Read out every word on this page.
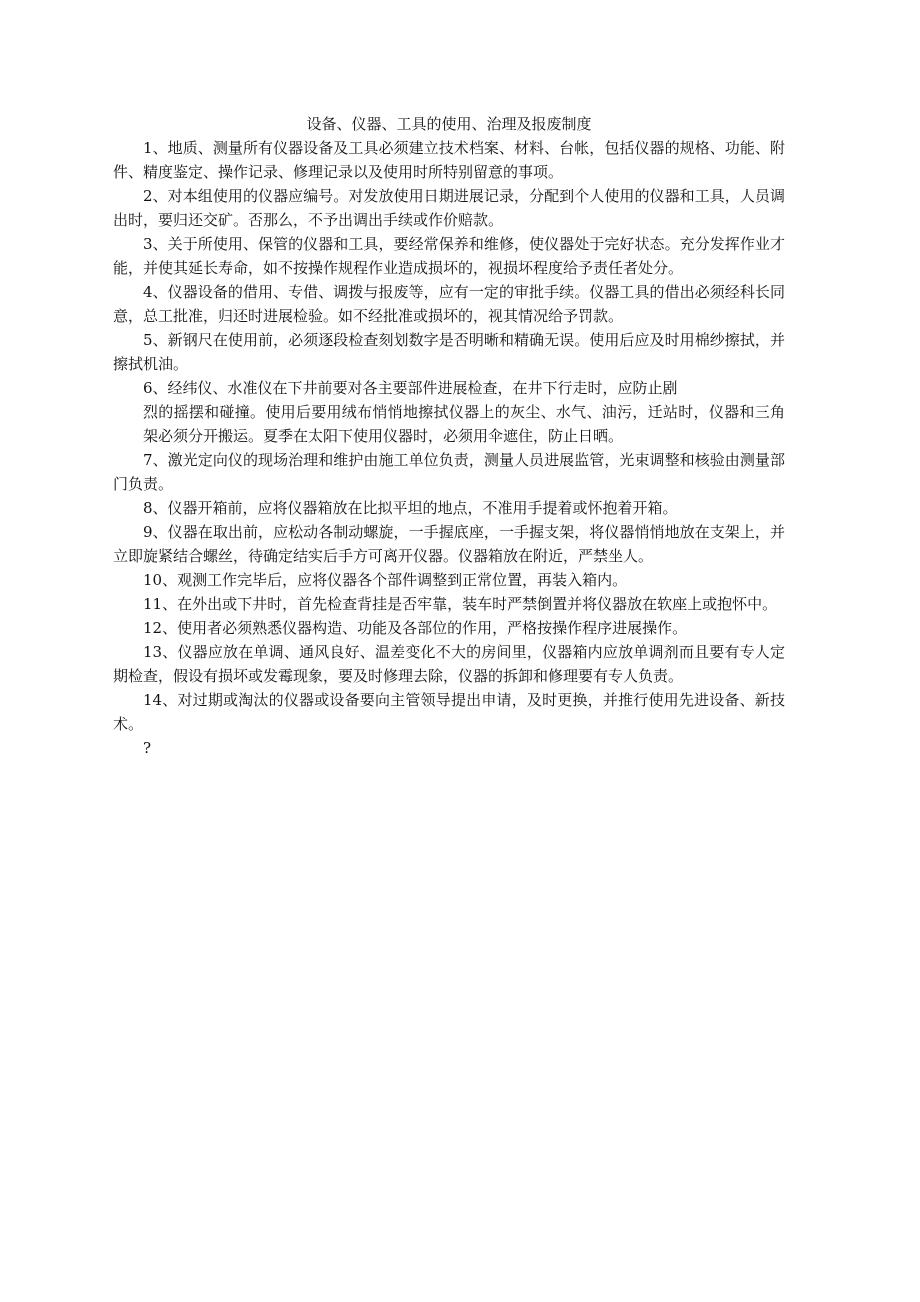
设备、仪器、工具的使用、治理及报废制度

1、地质、测量所有仪器设备及工具必须建立技术档案、材料、台帐，包括仪器的规格、功能、附件、精度鉴定、操作记录、修理记录以及使用时所特别留意的事项。

2、对本组使用的仪器应编号。对发放使用日期进展记录，分配到个人使用的仪器和工具，人员调出时，要归还交矿。否那么，不予出调出手续或作价赔款。

3、关于所使用、保管的仪器和工具，要经常保养和维修，使仪器处于完好状态。充分发挥作业才能，并使其延长寿命，如不按操作规程作业造成损坏的，视损坏程度给予责任者处分。

4、仪器设备的借用、专借、调拨与报废等，应有一定的审批手续。仪器工具的借出必须经科长同意，总工批准，归还时进展检验。如不经批准或损坏的，视其情况给予罚款。

5、新钢尺在使用前，必须逐段检查刻划数字是否明晰和精确无误。使用后应及时用棉纱擦拭，并擦拭机油。

6、经纬仪、水准仪在下井前要对各主要部件进展检查，在井下行走时，应防止剧

烈的摇摆和碰撞。使用后要用绒布悄悄地擦拭仪器上的灰尘、水气、油污，迁站时，仪器和三角架必须分开搬运。夏季在太阳下使用仪器时，必须用伞遮住，防止日晒。

7、激光定向仪的现场治理和维护由施工单位负责，测量人员进展监管，光束调整和核验由测量部门负责。

8、仪器开箱前，应将仪器箱放在比拟平坦的地点，不准用手提着或怀抱着开箱。

9、仪器在取出前，应松动各制动螺旋，一手握底座，一手握支架，将仪器悄悄地放在支架上，并立即旋紧结合螺丝，待确定结实后手方可离开仪器。仪器箱放在附近，严禁坐人。

10、观测工作完毕后，应将仪器各个部件调整到正常位置，再装入箱内。

11、在外出或下井时，首先检查背挂是否牢靠，装车时严禁倒置并将仪器放在软座上或抱怀中。

12、使用者必须熟悉仪器构造、功能及各部位的作用，严格按操作程序进展操作。

13、仪器应放在单调、通风良好、温差变化不大的房间里，仪器箱内应放单调剂而且要有专人定期检查，假设有损坏或发霉现象，要及时修理去除，仪器的拆卸和修理要有专人负责。

14、对过期或淘汰的仪器或设备要向主管领导提出申请，及时更换，并推行使用先进设备、新技术。

?
